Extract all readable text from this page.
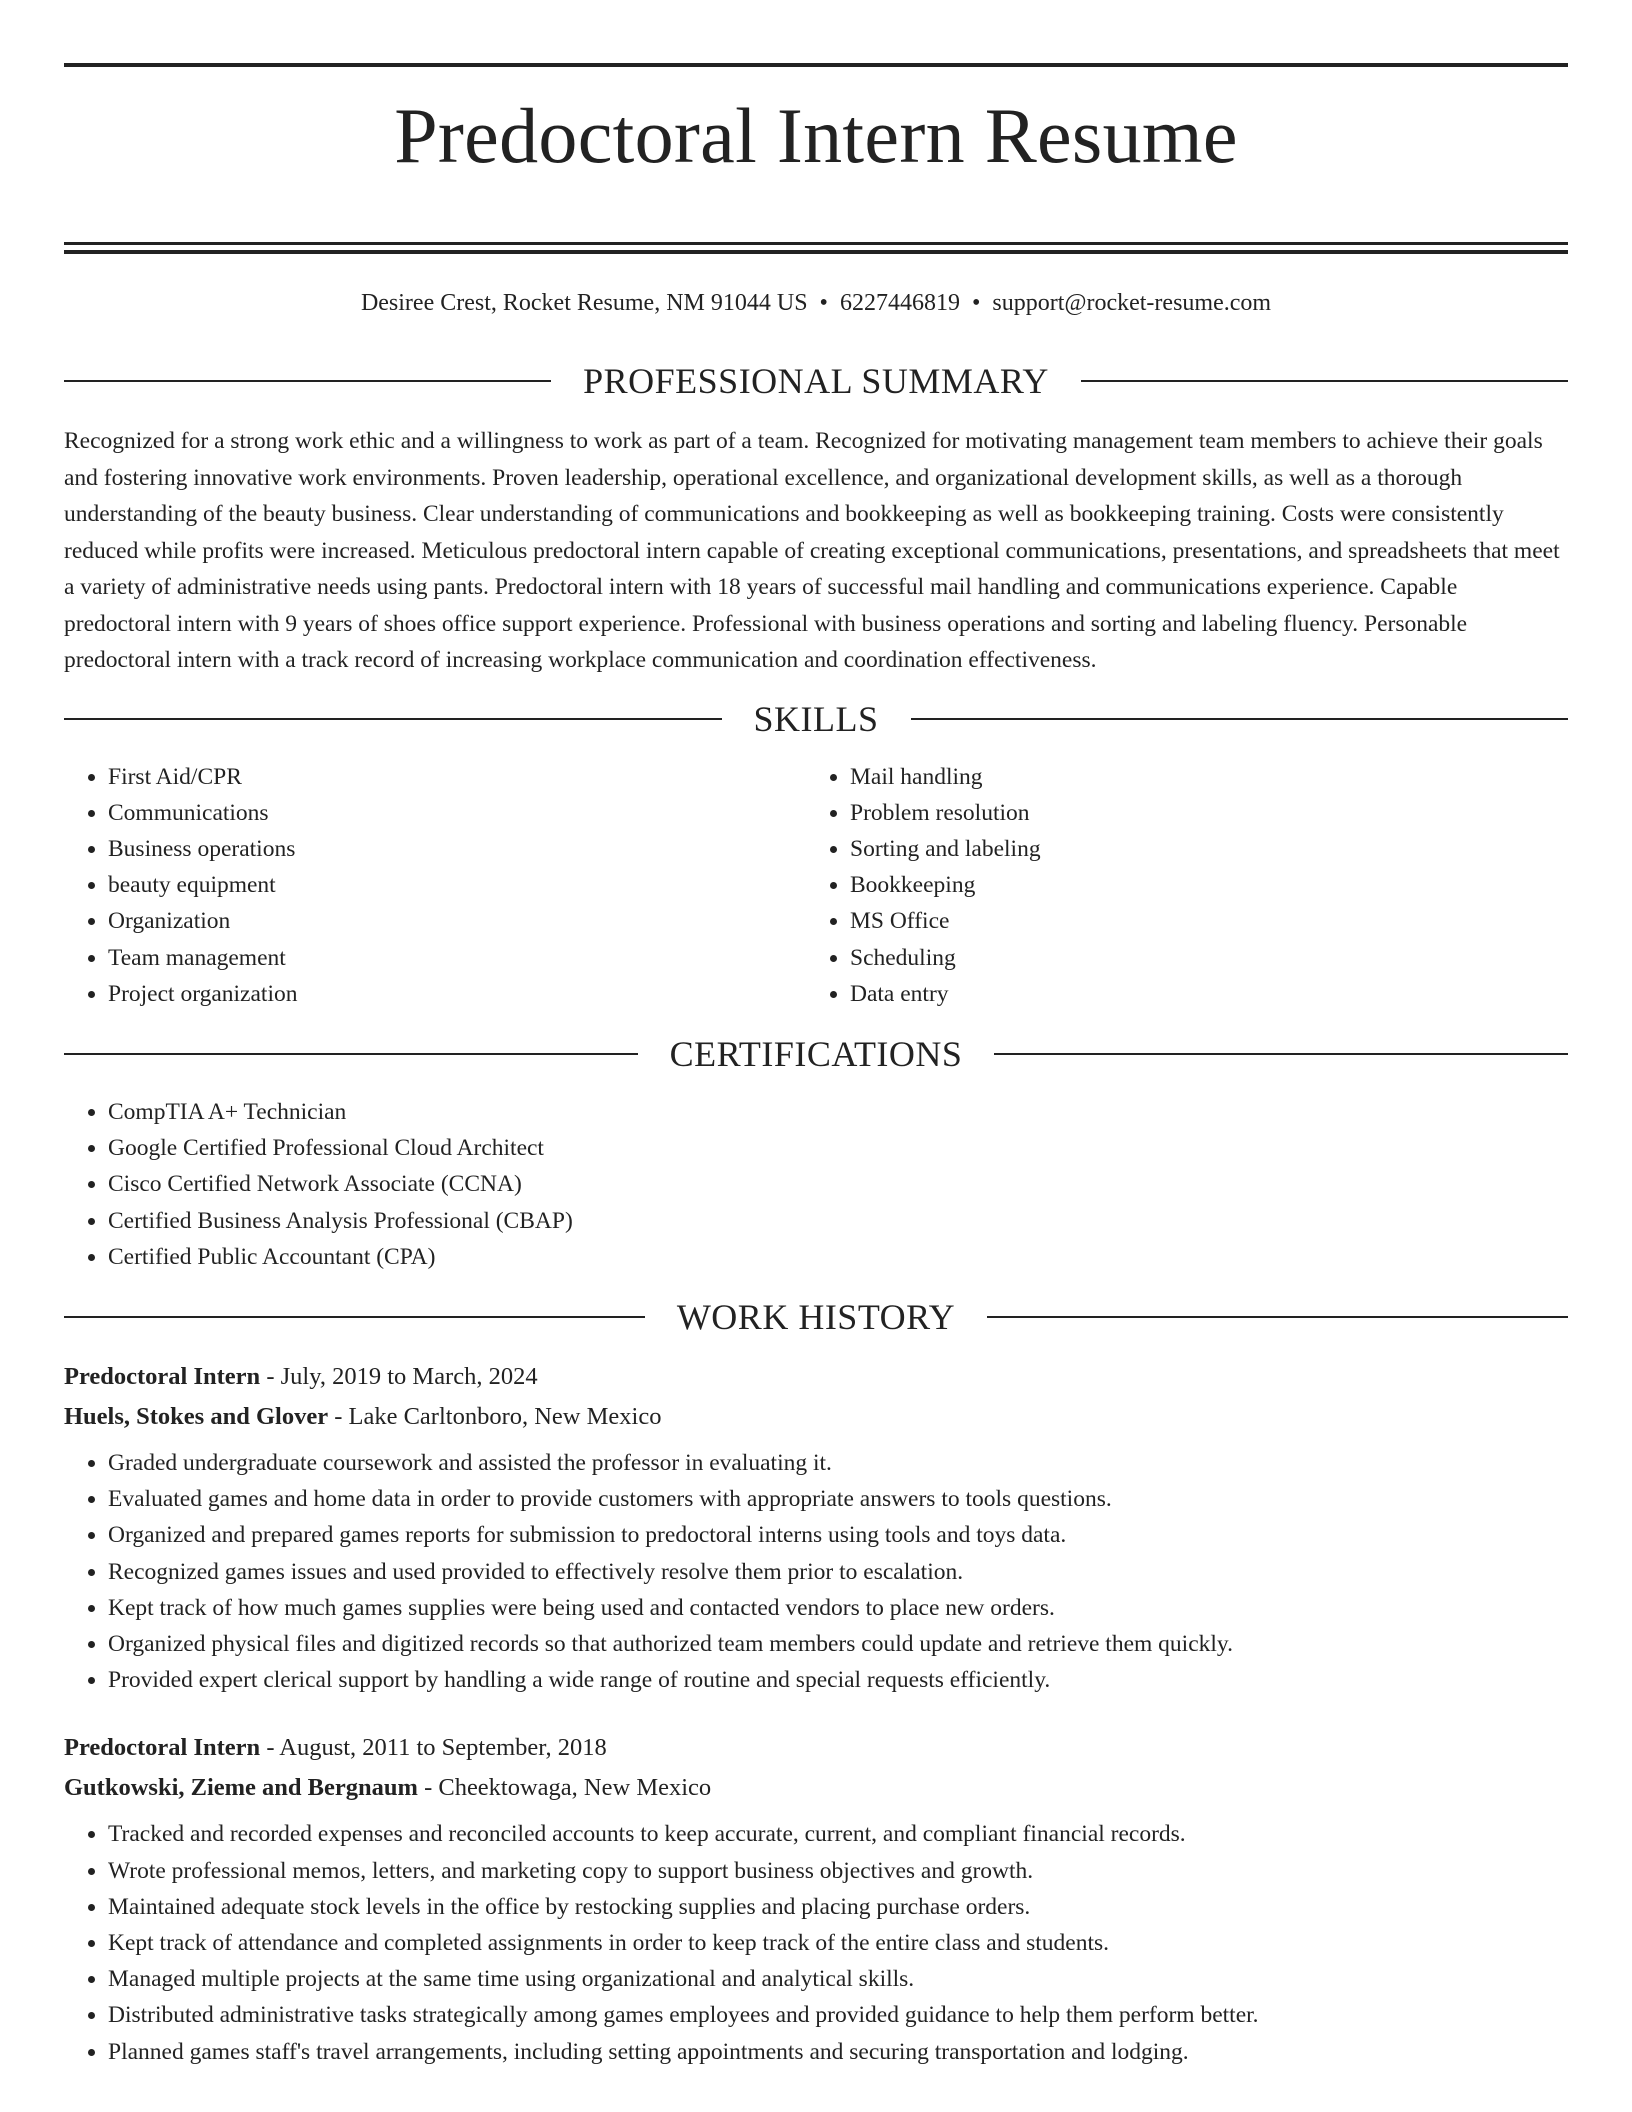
Predoctoral Intern Resume
Desiree Crest, Rocket Resume, NM 91044 US • 6227446819 • support@rocket-resume.com
PROFESSIONAL SUMMARY

Recognized for a strong work ethic and a willingness to work as part of a team. Recognized for motivating management team members to achieve their goals and fostering innovative work environments. Proven leadership, operational excellence, and organizational development skills, as well as a thorough understanding of the beauty business. Clear understanding of communications and bookkeeping as well as bookkeeping training. Costs were consistently reduced while profits were increased. Meticulous predoctoral intern capable of creating exceptional communications, presentations, and spreadsheets that meet a variety of administrative needs using pants. Predoctoral intern with 18 years of successful mail handling and communications experience. Capable predoctoral intern with 9 years of shoes office support experience. Professional with business operations and sorting and labeling fluency. Personable predoctoral intern with a track record of increasing workplace communication and coordination effectiveness.

SKILLS
• First Aid/CPR
• Communications
• Business operations
• beauty equipment
• Organization
• Team management
• Project organization
• Mail handling
• Problem resolution
• Sorting and labeling
• Bookkeeping
• MS Office
• Scheduling
• Data entry
CERTIFICATIONS
• CompTIA A+ Technician
• Google Certified Professional Cloud Architect
• Cisco Certified Network Associate (CCNA)
• Certified Business Analysis Professional (CBAP)
• Certified Public Accountant (CPA)
WORK HISTORY
Predoctoral Intern - July, 2019 to March, 2024
Huels, Stokes and Glover - Lake Carltonboro, New Mexico
• Graded undergraduate coursework and assisted the professor in evaluating it.
• Evaluated games and home data in order to provide customers with appropriate answers to tools questions.
• Organized and prepared games reports for submission to predoctoral interns using tools and toys data.
• Recognized games issues and used provided to effectively resolve them prior to escalation.
• Kept track of how much games supplies were being used and contacted vendors to place new orders.
• Organized physical files and digitized records so that authorized team members could update and retrieve them quickly.
• Provided expert clerical support by handling a wide range of routine and special requests efficiently.
Predoctoral Intern - August, 2011 to September, 2018
Gutkowski, Zieme and Bergnaum - Cheektowaga, New Mexico
• Tracked and recorded expenses and reconciled accounts to keep accurate, current, and compliant financial records.
• Wrote professional memos, letters, and marketing copy to support business objectives and growth.
• Maintained adequate stock levels in the office by restocking supplies and placing purchase orders.
• Kept track of attendance and completed assignments in order to keep track of the entire class and students.
• Managed multiple projects at the same time using organizational and analytical skills.
• Distributed administrative tasks strategically among games employees and provided guidance to help them perform better.
• Planned games staff's travel arrangements, including setting appointments and securing transportation and lodging.
